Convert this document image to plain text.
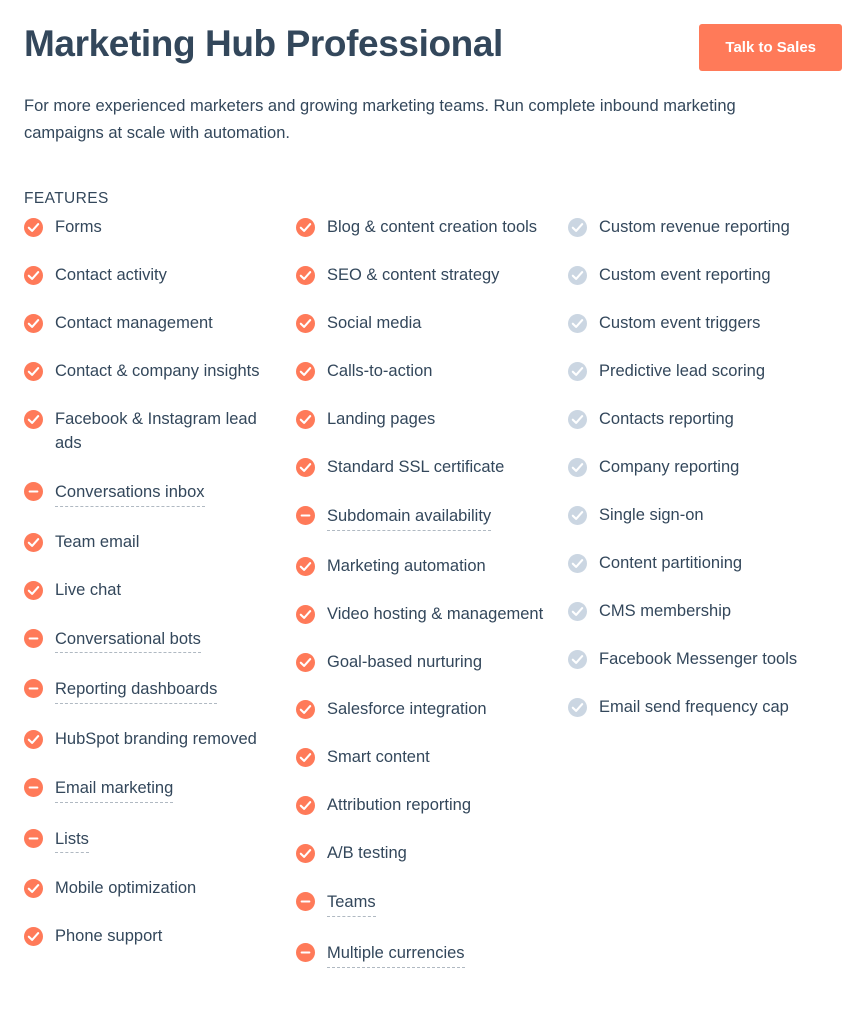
Marketing Hub Professional	Talk to Sales

For more experienced marketers and growing marketing teams. Run complete inbound marketing campaigns at scale with automation.

FEATURES
Forms
Contact activity
Contact management
Contact & company insights
Facebook & Instagram lead ads
Conversations inbox
Team email
Live chat
Conversational bots
Reporting dashboards
HubSpot branding removed
Email marketing
Lists
Mobile optimization
Phone support
Blog & content creation tools
SEO & content strategy
Social media
Calls-to-action
Landing pages
Standard SSL certificate
Subdomain availability
Marketing automation
Video hosting & management
Goal-based nurturing
Salesforce integration
Smart content
Attribution reporting
A/B testing
Teams
Multiple currencies
Custom revenue reporting
Custom event reporting
Custom event triggers
Predictive lead scoring
Contacts reporting
Company reporting
Single sign-on
Content partitioning
CMS membership
Facebook Messenger tools
Email send frequency cap
